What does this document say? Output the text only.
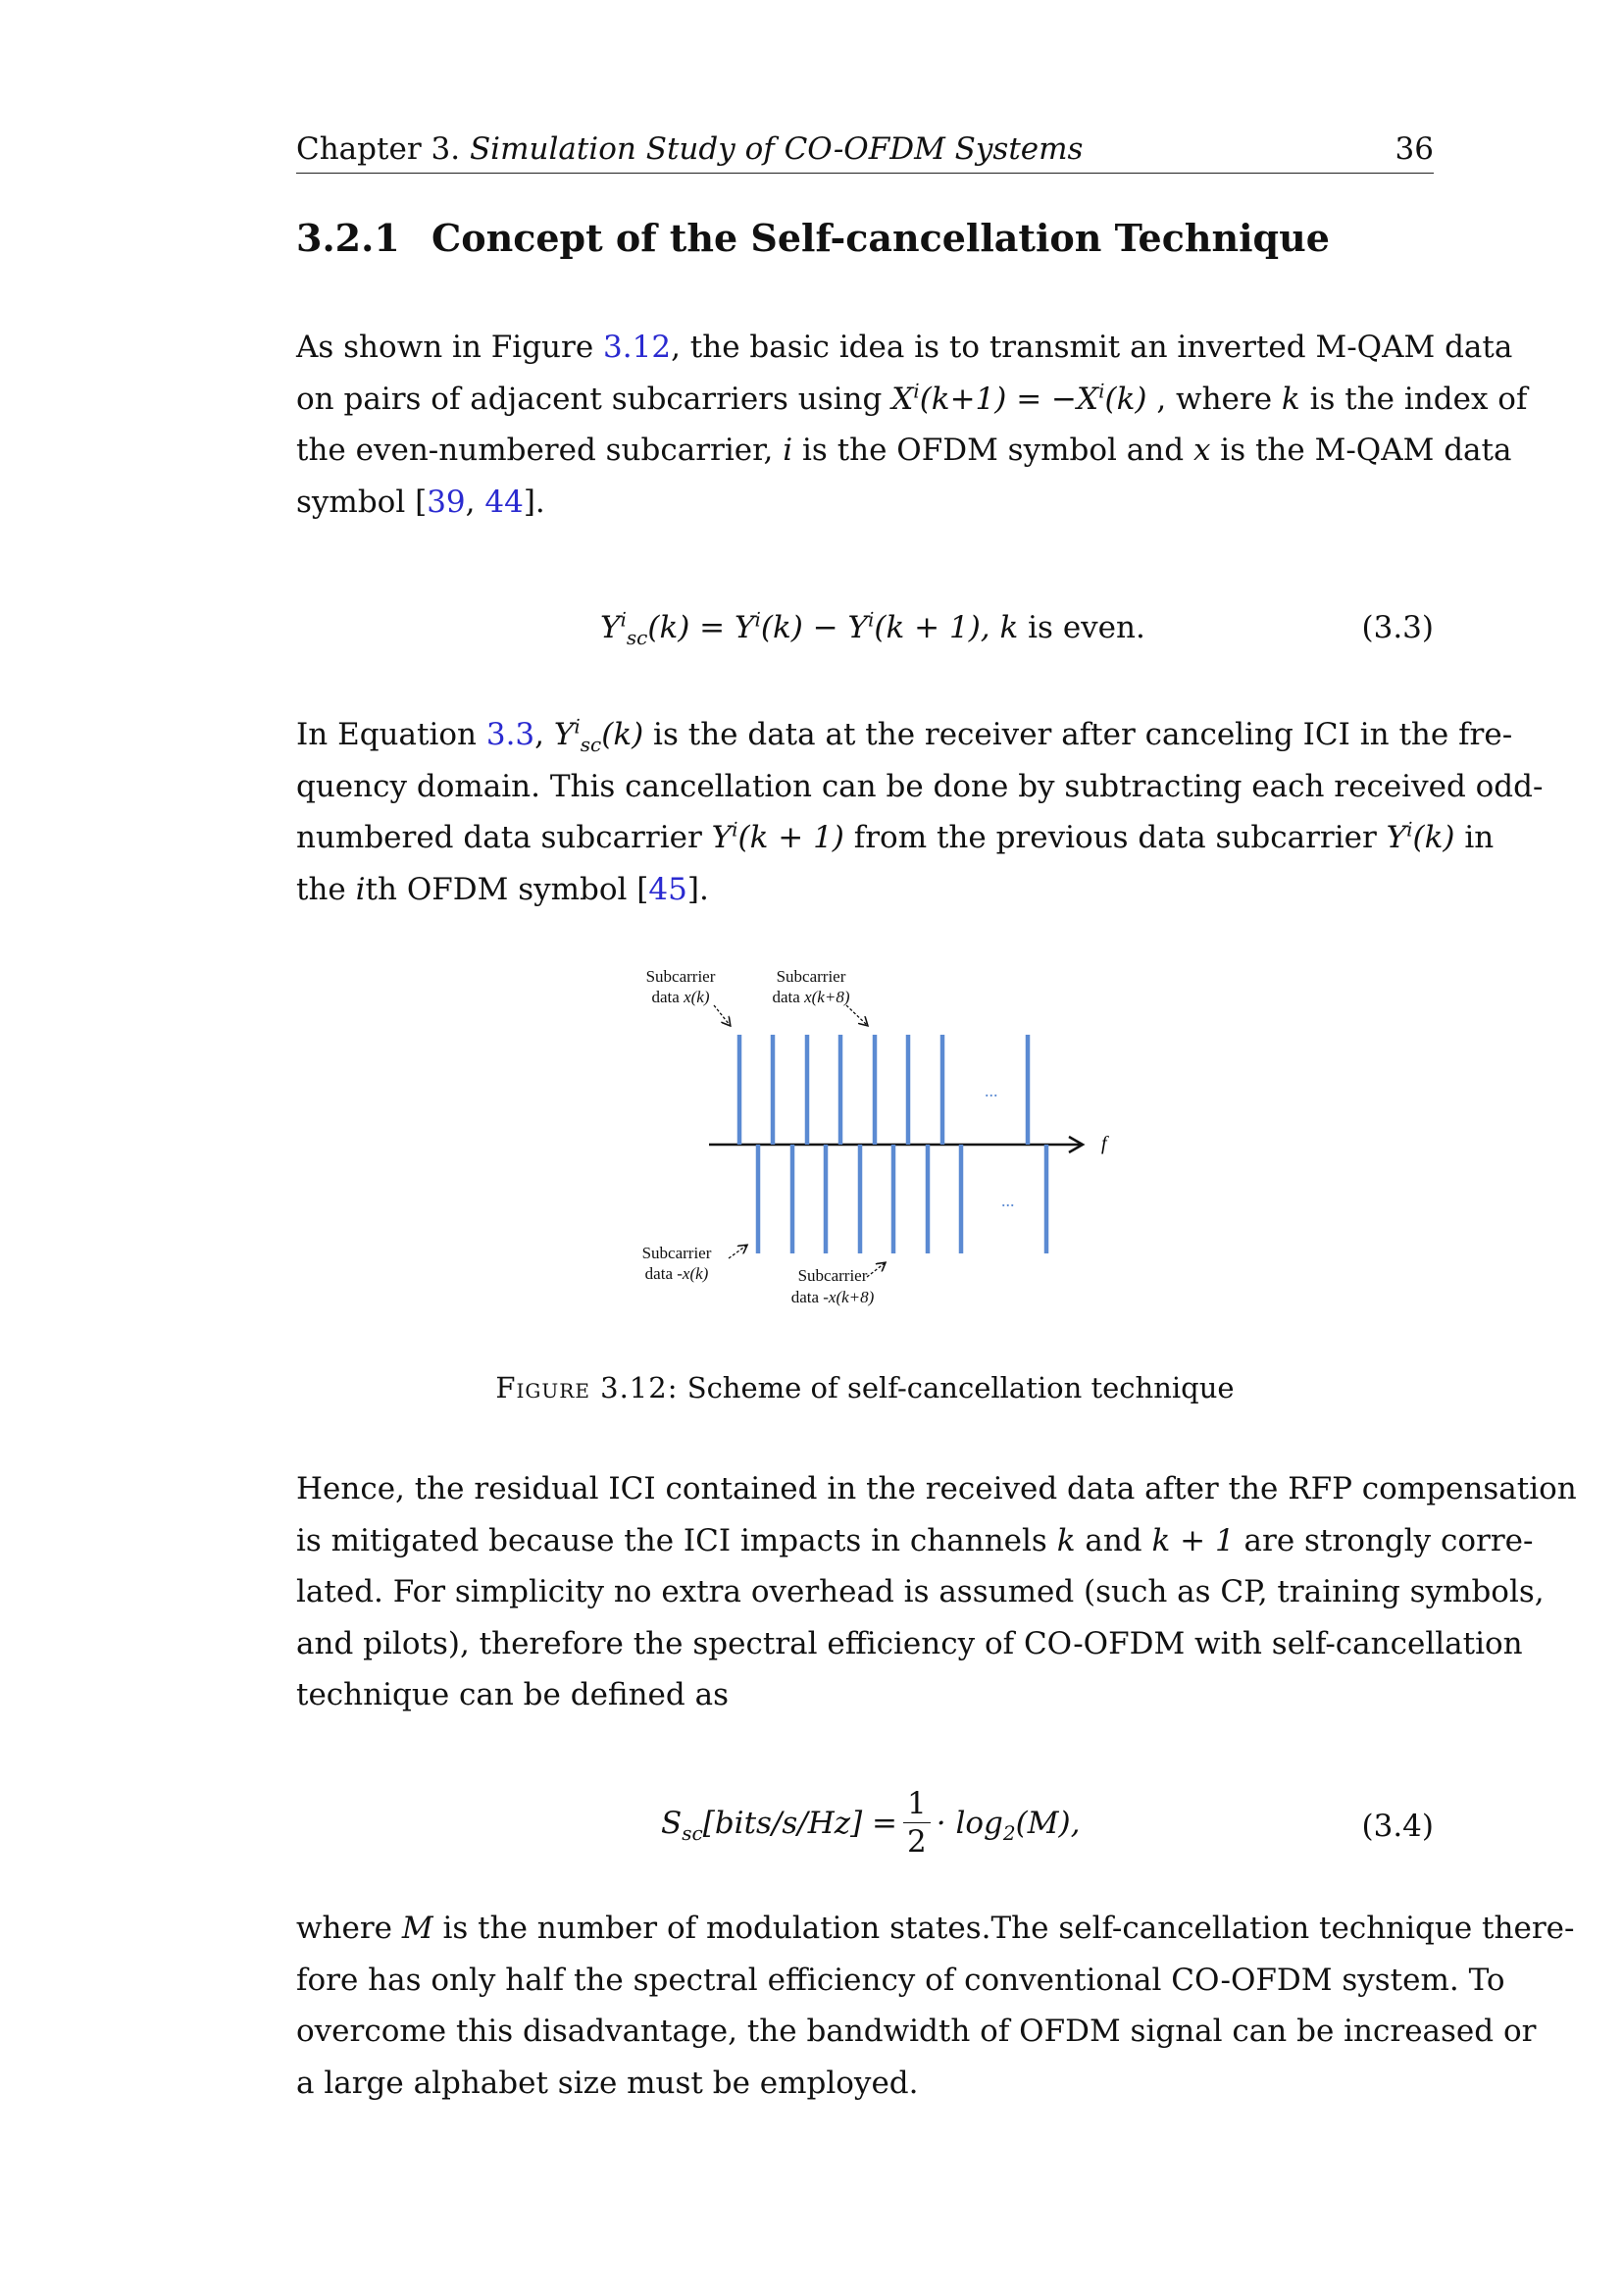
Chapter 3. Simulation Study of CO-OFDM Systems	36
3.2.1 Concept of the Self-cancellation Technique
As shown in Figure 3.12, the basic idea is to transmit an inverted M-QAM data
on pairs of adjacent subcarriers using $X^i(k+1) = -X^i(k)$ , where k is the index of
the even-numbered subcarrier, i is the OFDM symbol and x is the M-QAM data
symbol [39, 44].
$Y^i_{sc}(k) = Y^i(k) - Y^i(k + 1)$, k is even.	(3.3)
In Equation 3.3, $Y^i_{sc}(k)$ is the data at the receiver after canceling ICI in the fre-
quency domain. This cancellation can be done by subtracting each received odd-
numbered data subcarrier $Y^i(k + 1)$ from the previous data subcarrier $Y^i(k)$ in
the ith OFDM symbol [45].
f
...
...
Subcarrier
data x(k)
Subcarrier
data x(k+8)
Subcarrier
data -x(k)	Subcarrier
data -x(k+8)
Figure 3.12: Scheme of self-cancellation technique
Hence, the residual ICI contained in the received data after the RFP compensation
is mitigated because the ICI impacts in channels k and k + 1 are strongly corre-
lated. For simplicity no extra overhead is assumed (such as CP, training symbols,
and pilots), therefore the spectral efficiency of CO-OFDM with self-cancellation
technique can be defined as
$S_{sc}[bits/s/Hz] = \frac{1}{2} \cdot \log_2(M)$,	(3.4)
where M is the number of modulation states.The self-cancellation technique there-
fore has only half the spectral efficiency of conventional CO-OFDM system. To
overcome this disadvantage, the bandwidth of OFDM signal can be increased or
a large alphabet size must be employed.
